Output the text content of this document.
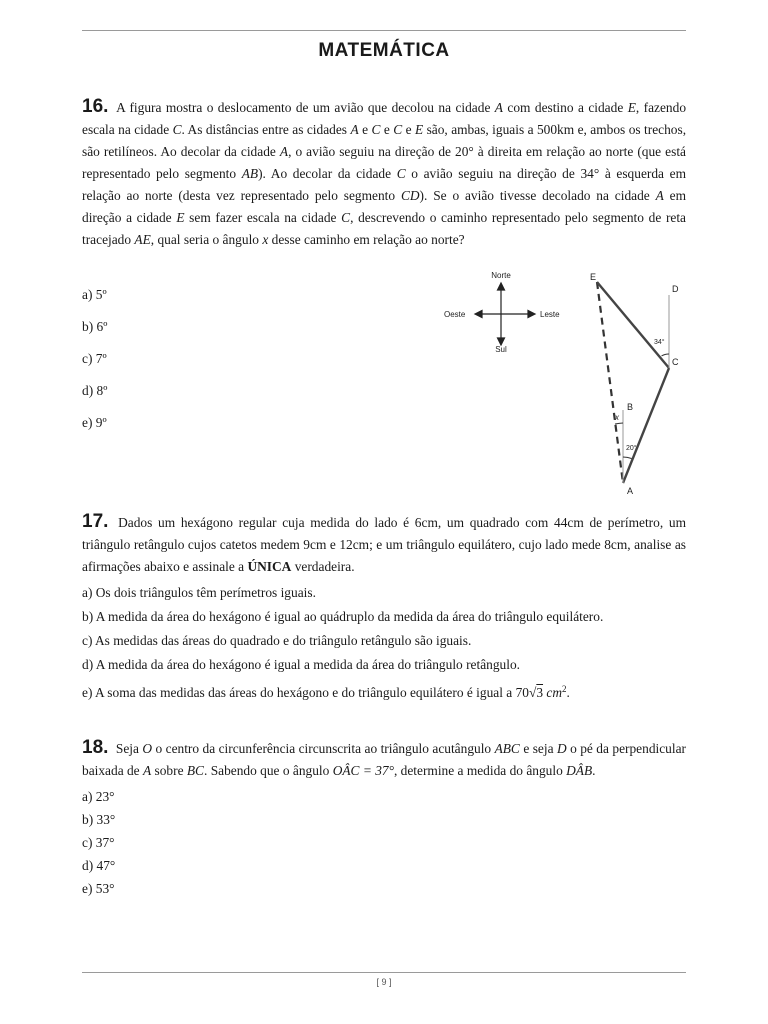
MATEMÁTICA

16. A figura mostra o deslocamento de um avião que decolou na cidade A com destino a cidade E, fazendo escala na cidade C. As distâncias entre as cidades A e C e C e E são, ambas, iguais a 500km e, ambos os trechos, são retilíneos. Ao decolar da cidade A, o avião seguiu na direção de 20° à direita em relação ao norte (que está representado pelo segmento AB). Ao decolar da cidade C o avião seguiu na direção de 34° à esquerda em relação ao norte (desta vez representado pelo segmento CD). Se o avião tivesse decolado na cidade A em direção a cidade E sem fazer escala na cidade C, descrevendo o caminho representado pelo segmento de reta tracejado AE, qual seria o ângulo x desse caminho em relação ao norte?

a) 5º
b) 6º
c) 7º
d) 8º
e) 9º
Norte
Sul
Oeste	Leste
E
D
C
B
A
34°
20°
x

17. Dados um hexágono regular cuja medida do lado é 6cm, um quadrado com 44cm de perímetro, um triângulo retângulo cujos catetos medem 9cm e 12cm; e um triângulo equilátero, cujo lado mede 8cm, analise as afirmações abaixo e assinale a ÚNICA verdadeira.

a) Os dois triângulos têm perímetros iguais.
b) A medida da área do hexágono é igual ao quádruplo da medida da área do triângulo equilátero.
c) As medidas das áreas do quadrado e do triângulo retângulo são iguais.
d) A medida da área do hexágono é igual a medida da área do triângulo retângulo.
e) A soma das medidas das áreas do hexágono e do triângulo equilátero é igual a 70√3 $cm^2$.

18. Seja O o centro da circunferência circunscrita ao triângulo acutângulo ABC e seja D o pé da perpendicular baixada de A sobre BC. Sabendo que o ângulo OÂC = 37°, determine a medida do ângulo DÂB.

a) 23°
b) 33°
c) 37°
d) 47°
e) 53°
[ 9 ]
